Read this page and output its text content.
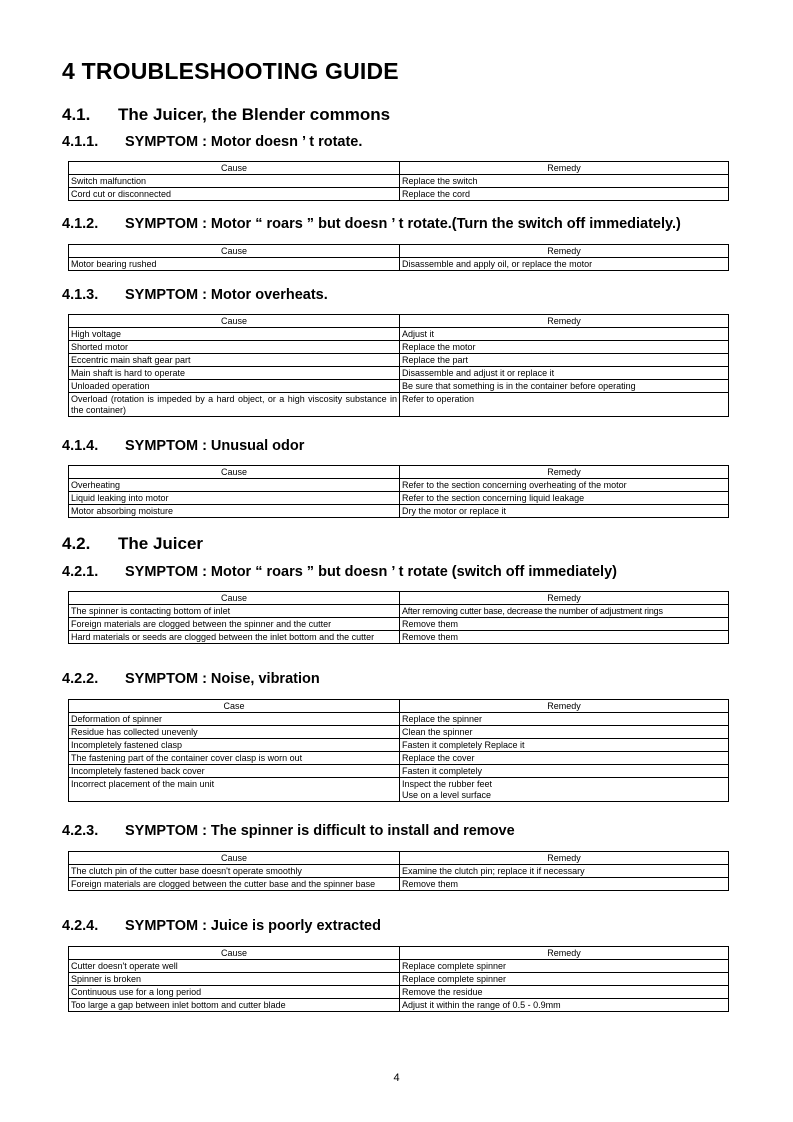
4 TROUBLESHOOTING GUIDE
4.1. The Juicer, the Blender commons
4.1.1. SYMPTOM : Motor doesn ’ t rotate.
Cause	Remedy
Switch malfunction	Replace the switch
Cord cut or disconnected	Replace the cord
4.1.2. SYMPTOM : Motor “ roars ” but doesn ’ t rotate.(Turn the switch off immediately.)
Cause	Remedy
Motor bearing rushed	Disassemble and apply oil, or replace the motor
4.1.3. SYMPTOM : Motor overheats.
Cause	Remedy
High voltage	Adjust it
Shorted motor	Replace the motor
Eccentric main shaft gear part	Replace the part
Main shaft is hard to operate	Disassemble and adjust it or replace it
Unloaded operation	Be sure that something is in the container before operating
Overload (rotation is impeded by a hard object, or a high viscosity substance in the container)	Refer to operation
4.1.4. SYMPTOM : Unusual odor
Cause	Remedy
Overheating	Refer to the section concerning overheating of the motor
Liquid leaking into motor	Refer to the section concerning liquid leakage
Motor absorbing moisture	Dry the motor or replace it
4.2. The Juicer
4.2.1. SYMPTOM : Motor “ roars ” but doesn ’ t rotate (switch off immediately)
Cause	Remedy
The spinner is contacting bottom of inlet	After removing cutter base, decrease the number of adjustment rings
Foreign materials are clogged between the spinner and the cutter	Remove them
Hard materials or seeds are clogged between the inlet bottom and the cutter	Remove them
4.2.2. SYMPTOM : Noise, vibration
Case	Remedy
Deformation of spinner	Replace the spinner
Residue has collected unevenly	Clean the spinner
Incompletely fastened clasp	Fasten it completely Replace it
The fastening part of the container cover clasp is worn out	Replace the cover
Incompletely fastened back cover	Fasten it completely
Incorrect placement of the main unit	Inspect the rubber feet
Use on a level surface
4.2.3. SYMPTOM : The spinner is difficult to install and remove
Cause	Remedy
The clutch pin of the cutter base doesn't operate smoothly	Examine the clutch pin; replace it if necessary
Foreign materials are clogged between the cutter base and the spinner base	Remove them
4.2.4. SYMPTOM : Juice is poorly extracted
Cause	Remedy
Cutter doesn't operate well	Replace complete spinner
Spinner is broken	Replace complete spinner
Continuous use for a long period	Remove the residue
Too large a gap between inlet bottom and cutter blade	Adjust it within the range of 0.5 - 0.9mm
4
